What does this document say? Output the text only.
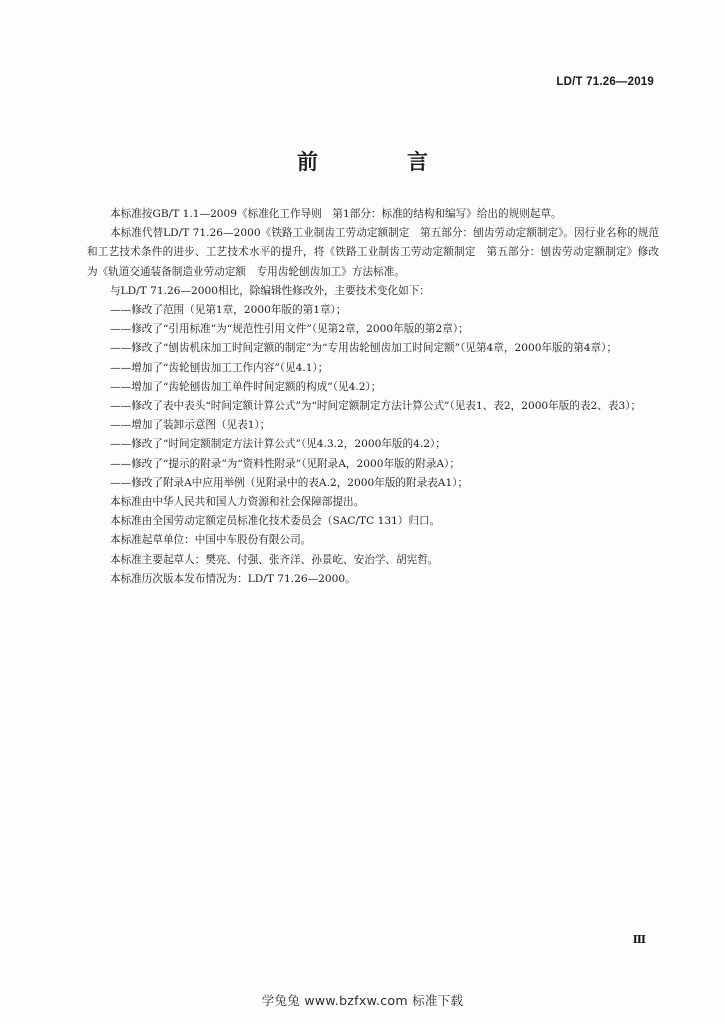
LD/T 71.26—2019
前　言

本标准按GB/T 1.1—2009《标准化工作导则　第1部分：标准的结构和编写》给出的规则起草。

本标准代替LD/T 71.26—2000《铁路工业制齿工劳动定额制定　第五部分：刨齿劳动定额制定》。因行业名称的规范和工艺技术条件的进步、工艺技术水平的提升，将《铁路工业制齿工劳动定额制定　第五部分：刨齿劳动定额制定》修改为《轨道交通装备制造业劳动定额　专用齿轮刨齿加工》方法标准。

与LD/T 71.26—2000相比，除编辑性修改外，主要技术变化如下：

——修改了范围（见第1章，2000年版的第1章）；

——修改了“引用标准”为“规范性引用文件”（见第2章，2000年版的第2章）；

——修改了“刨齿机床加工时间定额的制定”为“专用齿轮刨齿加工时间定额”（见第4章，2000年版的第4章）；

——增加了“齿轮刨齿加工工作内容”（见4.1）；

——增加了“齿轮刨齿加工单件时间定额的构成”（见4.2）；

——修改了表中表头“时间定额计算公式”为“时间定额制定方法计算公式”（见表1、表2，2000年版的表2、表3）；

——增加了装卸示意图（见表1）；

——修改了“时间定额制定方法计算公式”（见4.3.2，2000年版的4.2）；

——修改了“提示的附录”为“资料性附录”（见附录A，2000年版的附录A）；

——修改了附录A中应用举例（见附录中的表A.2，2000年版的附录表A1）；

本标准由中华人民共和国人力资源和社会保障部提出。

本标准由全国劳动定额定员标准化技术委员会（SAC/TC 131）归口。

本标准起草单位：中国中车股份有限公司。

本标准主要起草人：樊亮、付强、张齐洋、孙景屹、安治学、胡宪哲。

本标准历次版本发布情况为：LD/T 71.26—2000。

Ⅲ
学兔兔 www.bzfxw.com 标准下载
